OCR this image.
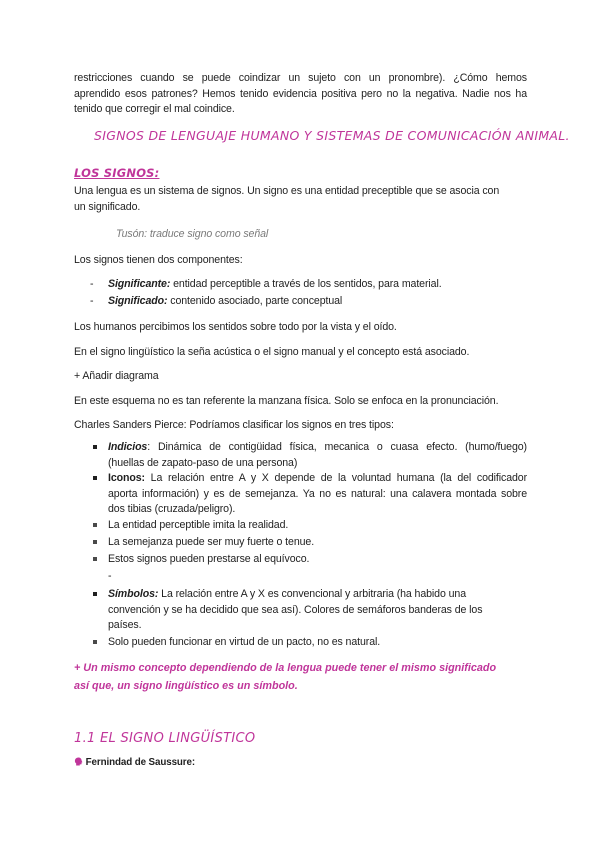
restricciones cuando se puede coindizar un sujeto con un pronombre). ¿Cómo hemos
aprendido esos patrones? Hemos tenido evidencia positiva pero no la negativa. Nadie nos ha
tenido que corregir el mal coindice.
SIGNOS DE LENGUAJE HUMANO Y SISTEMAS DE COMUNICACIÓN ANIMAL.
LOS SIGNOS:
Una lengua es un sistema de signos. Un signo es una entidad preceptible que se asocia con
un significado.
Tusón: traduce signo como señal
Los signos tienen dos componentes:
- Significante: entidad perceptible a través de los sentidos, para material.
- Significado: contenido asociado, parte conceptual
Los humanos percibimos los sentidos sobre todo por la vista y el oído.
En el signo lingüístico la seña acústica o el signo manual y el concepto está asociado.
+ Añadir diagrama
En este esquema no es tan referente la manzana física. Solo se enfoca en la pronunciación.
Charles Sanders Pierce: Podríamos clasificar los signos en tres tipos:
Indicios: Dinámica de contigüidad física, mecanica o cuasa efecto. (humo/fuego)
(huellas de zapato-paso de una persona)
Iconos: La relación entre A y X depende de la voluntad humana (la del codificador
aporta información) y es de semejanza. Ya no es natural: una calavera montada sobre
dos tibias (cruzada/peligro).
La entidad perceptible imita la realidad.
La semejanza puede ser muy fuerte o tenue.
Estos signos pueden prestarse al equívoco.
-
Símbolos: La relación entre A y X es convencional y arbitraria (ha habido una
convención y se ha decidido que sea así). Colores de semáforos banderas de los
países.
Solo pueden funcionar en virtud de un pacto, no es natural.
+ Un mismo concepto dependiendo de la lengua puede tener el mismo significado
así que, un signo lingüístico es un símbolo.
1.1 EL SIGNO LINGÜÍSTICO
Fernindad de Saussure:
